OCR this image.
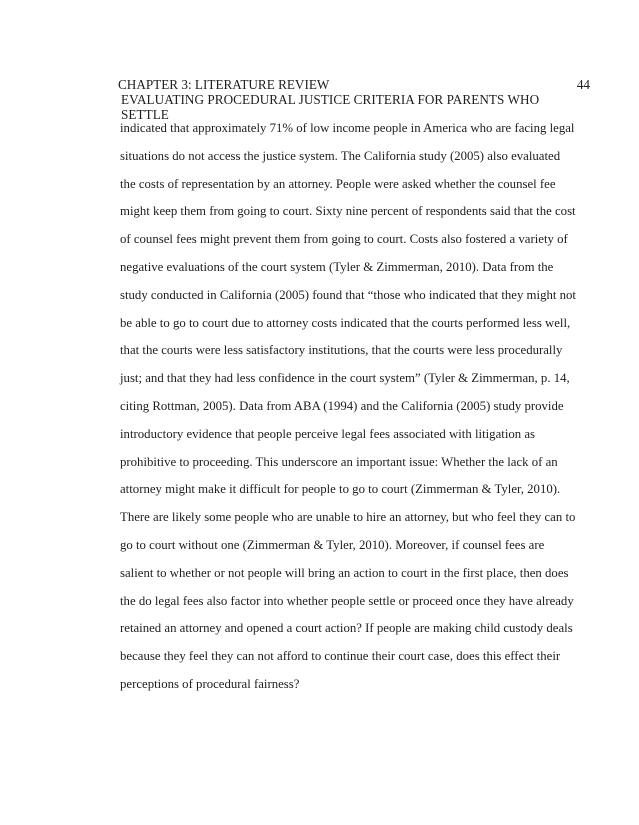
CHAPTER 3: LITERATURE REVIEW	44
EVALUATING PROCEDURAL JUSTICE CRITERIA FOR PARENTS WHO SETTLE
indicated that approximately 71% of low income people in America who are facing legal
situations do not access the justice system. The California study (2005) also evaluated
the costs of representation by an attorney. People were asked whether the counsel fee
might keep them from going to court. Sixty nine percent of respondents said that the cost
of counsel fees might prevent them from going to court. Costs also fostered a variety of
negative evaluations of the court system (Tyler & Zimmerman, 2010). Data from the
study conducted in California (2005) found that “those who indicated that they might not
be able to go to court due to attorney costs indicated that the courts performed less well,
that the courts were less satisfactory institutions, that the courts were less procedurally
just; and that they had less confidence in the court system” (Tyler & Zimmerman, p. 14,
citing Rottman, 2005). Data from ABA (1994) and the California (2005) study provide
introductory evidence that people perceive legal fees associated with litigation as
prohibitive to proceeding. This underscore an important issue: Whether the lack of an
attorney might make it difficult for people to go to court (Zimmerman & Tyler, 2010).
There are likely some people who are unable to hire an attorney, but who feel they can to
go to court without one (Zimmerman & Tyler, 2010). Moreover, if counsel fees are
salient to whether or not people will bring an action to court in the first place, then does
the do legal fees also factor into whether people settle or proceed once they have already
retained an attorney and opened a court action? If people are making child custody deals
because they feel they can not afford to continue their court case, does this effect their
perceptions of procedural fairness?
